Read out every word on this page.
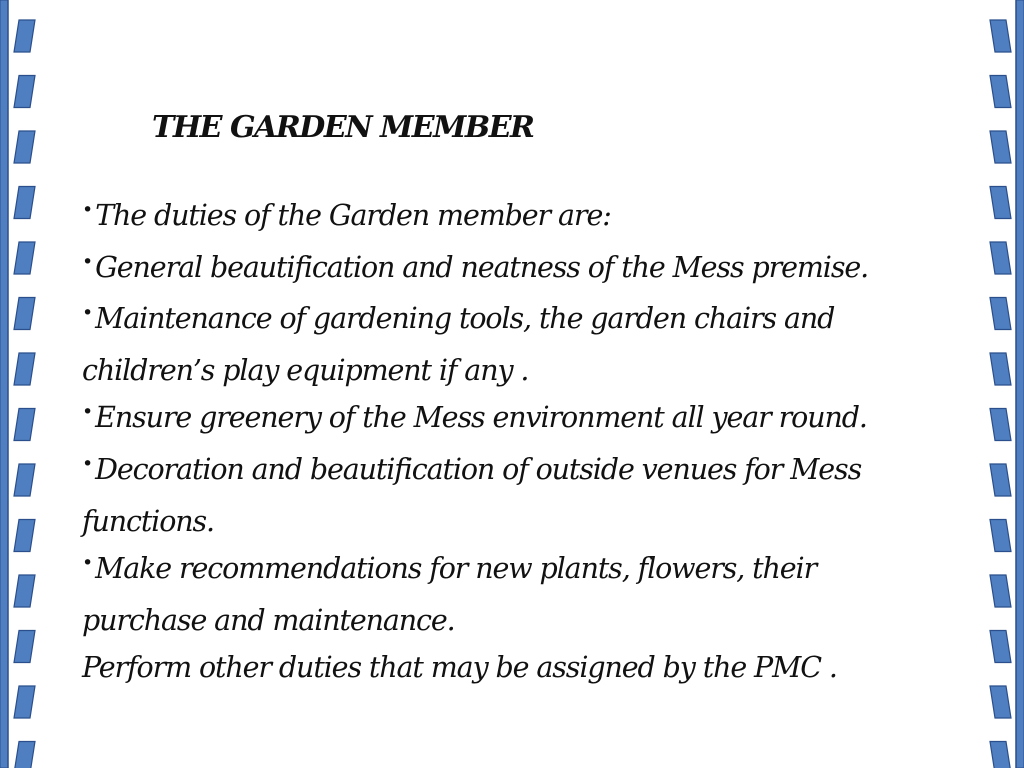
THE GARDEN MEMBER
• The duties of the Garden member are:
• General beautification and neatness of the Mess premise.
• Maintenance of gardening tools, the garden chairs and
children’s play equipment if any .
• Ensure greenery of the Mess environment all year round.
• Decoration and beautification of outside venues for Mess
functions.
• Make recommendations for new plants, flowers, their
purchase and maintenance.
Perform other duties that may be assigned by the PMC .
